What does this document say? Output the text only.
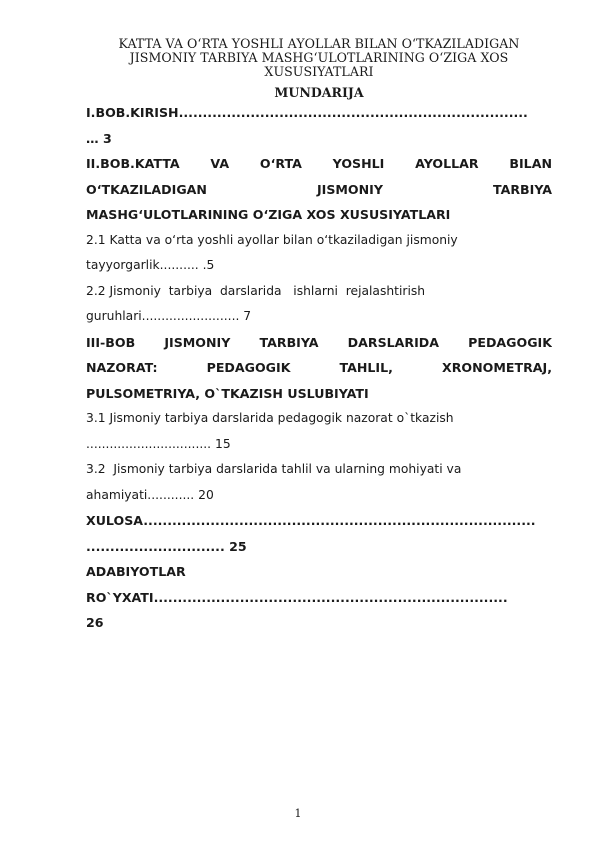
KATTA VA O‘RTA YOSHLI AYOLLAR BILAN O‘TKAZILADIGAN
JISMONIY TARBIYA MASHG‘ULOTLARINING O‘ZIGA XOS
XUSUSIYATLARI
MUNDARIJA
I.BOB.KIRISH.........................................................................
… 3
II.BOB.KATTA VA O‘RTA YOSHLI AYOLLAR BILAN
O‘TKAZILADIGAN JISMONIY TARBIYA
MASHG‘ULOTLARINING O‘ZIGA XOS XUSUSIYATLARI
2.1 Katta va o‘rta yoshli ayollar bilan o‘tkaziladigan jismoniy
tayyorgarlik.......... .5
2.2 Jismoniy  tarbiya  darslarida   ishlarni  rejalashtirish
guruhlari......................... 7
III-BOB JISMONIY TARBIYA DARSLARIDA PEDAGOGIK
NAZORAT: PEDAGOGIK TAHLIL, XRONOMETRAJ,
PULSOMETRIYA, O`TKAZISH USLUBIYATI
3.1 Jismoniy tarbiya darslarida pedagogik nazorat o`tkazish
................................ 15
3.2  Jismoniy tarbiya darslarida tahlil va ularning mohiyati va
ahamiyati............ 20
XULOSA..................................................................................
............................. 25
ADABIYOTLAR
RO`YXATI..........................................................................
26
1
